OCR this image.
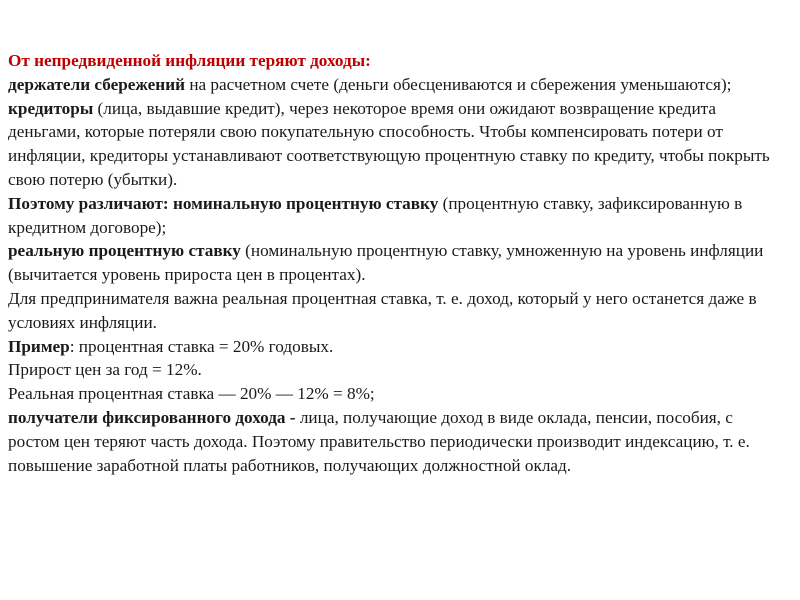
От непредвиденной инфляции теряют доходы:

держатели сбережений на расчетном счете (деньги обесцениваются и сбережения уменьшаются);

кредиторы (лица, выдавшие кредит), через некоторое время они ожидают возвращение кредита деньгами, которые потеряли свою покупательную способность. Чтобы компенсировать потери от инфляции, кредиторы устанавливают соответствующую процентную ставку по кредиту, чтобы покрыть свою потерю (убытки).

Поэтому различают: номинальную процентную ставку (процентную ставку, зафиксированную в кредитном договоре);

реальную процентную ставку (номинальную процентную ставку, умноженную на уровень инфляции (вычитается уровень прироста цен в процентах).

Для предпринимателя важна реальная процентная ставка, т. е. доход, который у него останется даже в условиях инфляции.

Пример: процентная ставка = 20% годовых.

Прирост цен за год = 12%.

Реальная процентная ставка — 20% — 12% = 8%;

получатели фиксированного дохода - лица, получающие доход в виде оклада, пенсии, пособия, с ростом цен теряют часть дохода. Поэтому правительство периодически производит индексацию, т. е. повышение заработной платы работников, получающих должностной оклад.
